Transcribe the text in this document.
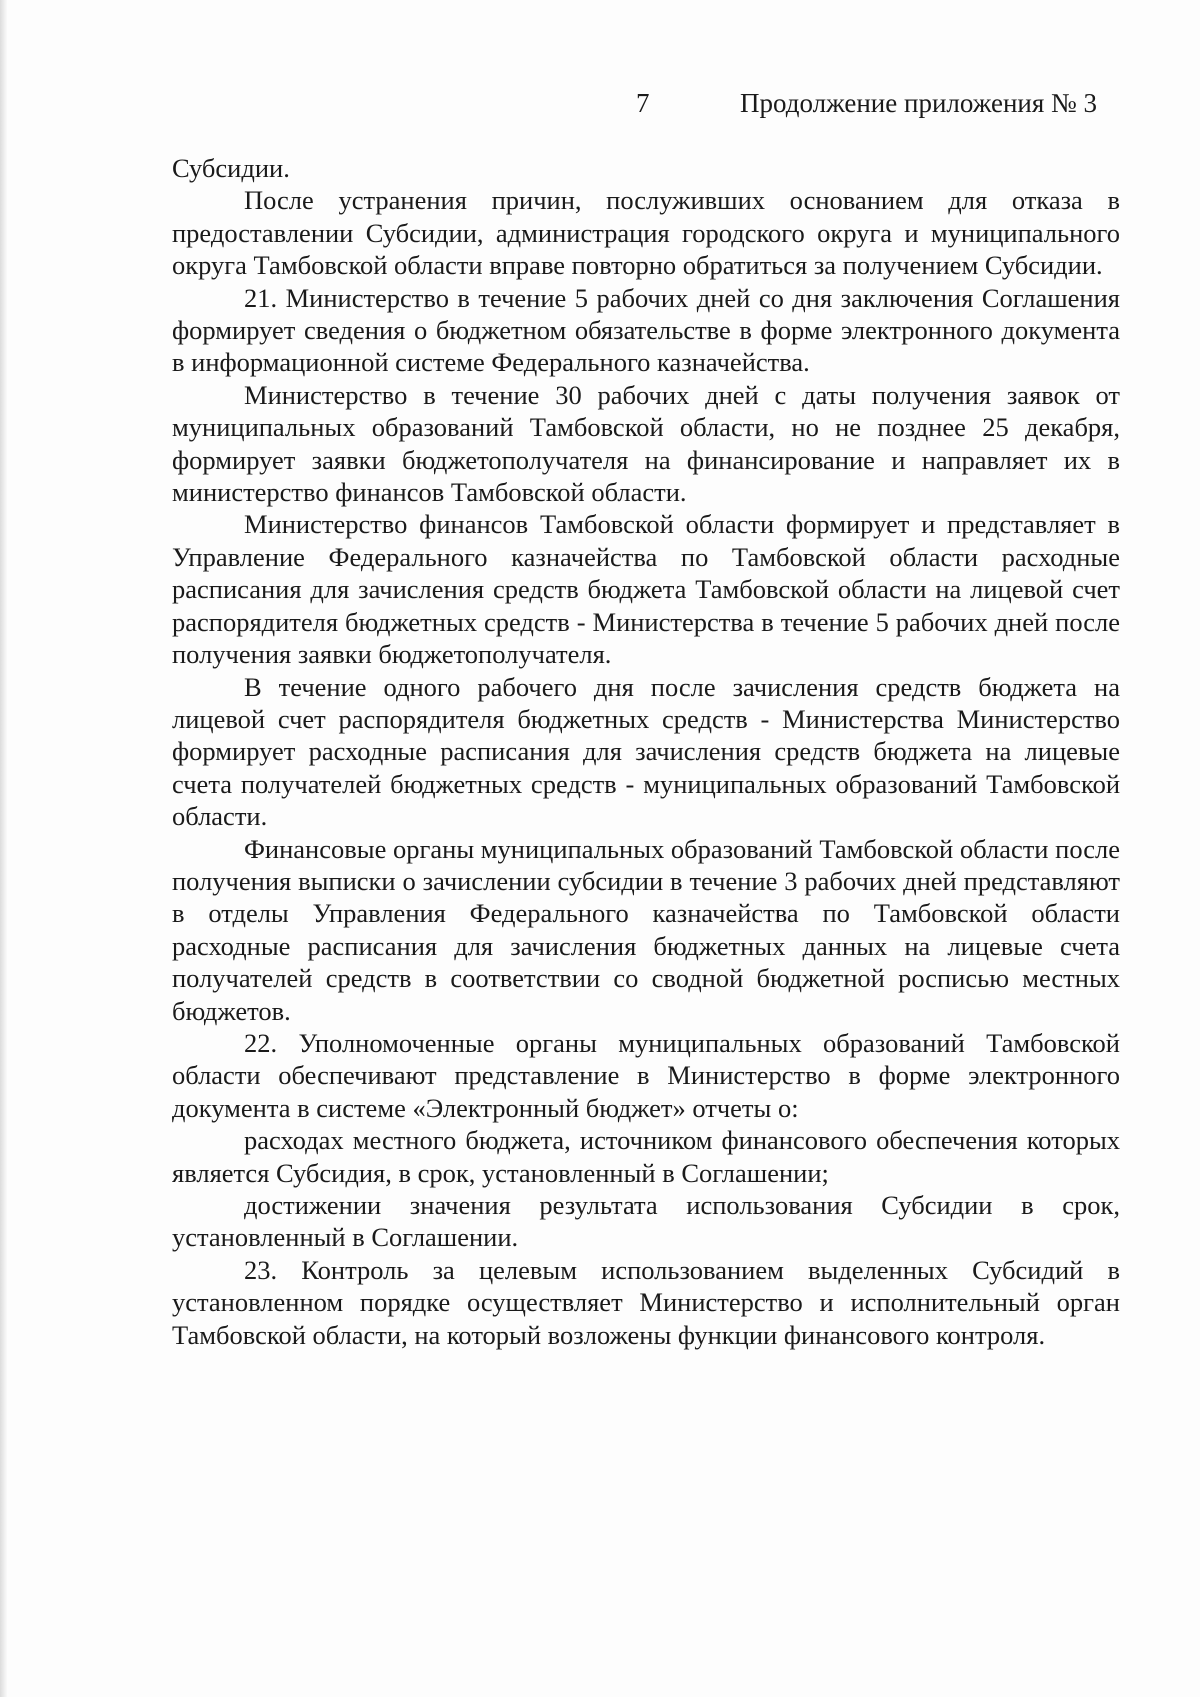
7	Продолжение приложения № 3

Субсидии.

После устранения причин, послуживших основанием для отказа в предоставлении Субсидии, администрация городского округа и муниципального округа Тамбовской области вправе повторно обратиться за получением Субсидии.

21. Министерство в течение 5 рабочих дней со дня заключения Соглашения формирует сведения о бюджетном обязательстве в форме электронного документа в информационной системе Федерального казначейства.

Министерство в течение 30 рабочих дней с даты получения заявок от муниципальных образований Тамбовской области, но не позднее 25 декабря, формирует заявки бюджетополучателя на финансирование и направляет их в министерство финансов Тамбовской области.

Министерство финансов Тамбовской области формирует и представляет в Управление Федерального казначейства по Тамбовской области расходные расписания для зачисления средств бюджета Тамбовской области на лицевой счет распорядителя бюджетных средств - Министерства в течение 5 рабочих дней после получения заявки бюджетополучателя.

В течение одного рабочего дня после зачисления средств бюджета на лицевой счет распорядителя бюджетных средств - Министерства Министерство формирует расходные расписания для зачисления средств бюджета на лицевые счета получателей бюджетных средств - муниципальных образований Тамбовской области.

Финансовые органы муниципальных образований Тамбовской области после получения выписки о зачислении субсидии в течение 3 рабочих дней представляют в отделы Управления Федерального казначейства по Тамбовской области расходные расписания для зачисления бюджетных данных на лицевые счета получателей средств в соответствии со сводной бюджетной росписью местных бюджетов.

22. Уполномоченные органы муниципальных образований Тамбовской области обеспечивают представление в Министерство в форме электронного документа в системе «Электронный бюджет» отчеты о:

расходах местного бюджета, источником финансового обеспечения которых является Субсидия, в срок, установленный в Соглашении;

достижении значения результата использования Субсидии в срок, установленный в Соглашении.

23. Контроль за целевым использованием выделенных Субсидий в установленном порядке осуществляет Министерство и исполнительный орган Тамбовской области, на который возложены функции финансового контроля.
